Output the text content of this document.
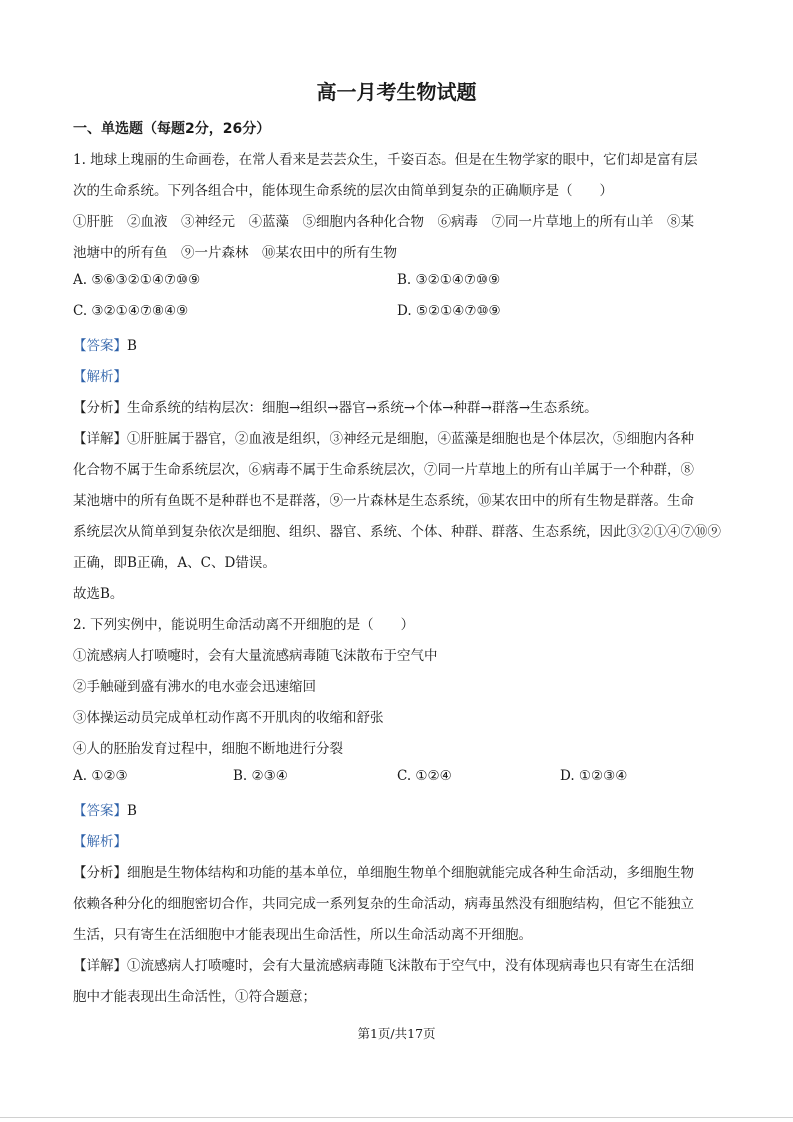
高一月考生物试题
一、单选题（每题2分，26分）
1. 地球上瑰丽的生命画卷，在常人看来是芸芸众生，千姿百态。但是在生物学家的眼中，它们却是富有层
次的生命系统。下列各组合中，能体现生命系统的层次由简单到复杂的正确顺序是（　　）
①肝脏　②血液　③神经元　④蓝藻　⑤细胞内各种化合物　⑥病毒　⑦同一片草地上的所有山羊　⑧某
池塘中的所有鱼　⑨一片森林　⑩某农田中的所有生物
A. ⑤⑥③②①④⑦⑩⑨	B. ③②①④⑦⑩⑨
C. ③②①④⑦⑧④⑨	D. ⑤②①④⑦⑩⑨
【答案】B
【解析】
【分析】生命系统的结构层次：细胞→组织→器官→系统→个体→种群→群落→生态系统。
【详解】①肝脏属于器官，②血液是组织，③神经元是细胞，④蓝藻是细胞也是个体层次，⑤细胞内各种
化合物不属于生命系统层次，⑥病毒不属于生命系统层次，⑦同一片草地上的所有山羊属于一个种群，⑧
某池塘中的所有鱼既不是种群也不是群落，⑨一片森林是生态系统，⑩某农田中的所有生物是群落。生命
系统层次从简单到复杂依次是细胞、组织、器官、系统、个体、种群、群落、生态系统，因此③②①④⑦⑩⑨
正确，即B正确，A、C、D错误。
故选B。
2. 下列实例中，能说明生命活动离不开细胞的是（　　）
①流感病人打喷嚏时，会有大量流感病毒随飞沫散布于空气中
②手触碰到盛有沸水的电水壶会迅速缩回
③体操运动员完成单杠动作离不开肌肉的收缩和舒张
④人的胚胎发育过程中，细胞不断地进行分裂
A. ①②③	B. ②③④	C. ①②④	D. ①②③④
【答案】B
【解析】
【分析】细胞是生物体结构和功能的基本单位，单细胞生物单个细胞就能完成各种生命活动，多细胞生物
依赖各种分化的细胞密切合作，共同完成一系列复杂的生命活动，病毒虽然没有细胞结构，但它不能独立
生活，只有寄生在活细胞中才能表现出生命活性，所以生命活动离不开细胞。
【详解】①流感病人打喷嚏时，会有大量流感病毒随飞沫散布于空气中，没有体现病毒也只有寄生在活细
胞中才能表现出生命活性，①符合题意；
第1页/共17页
